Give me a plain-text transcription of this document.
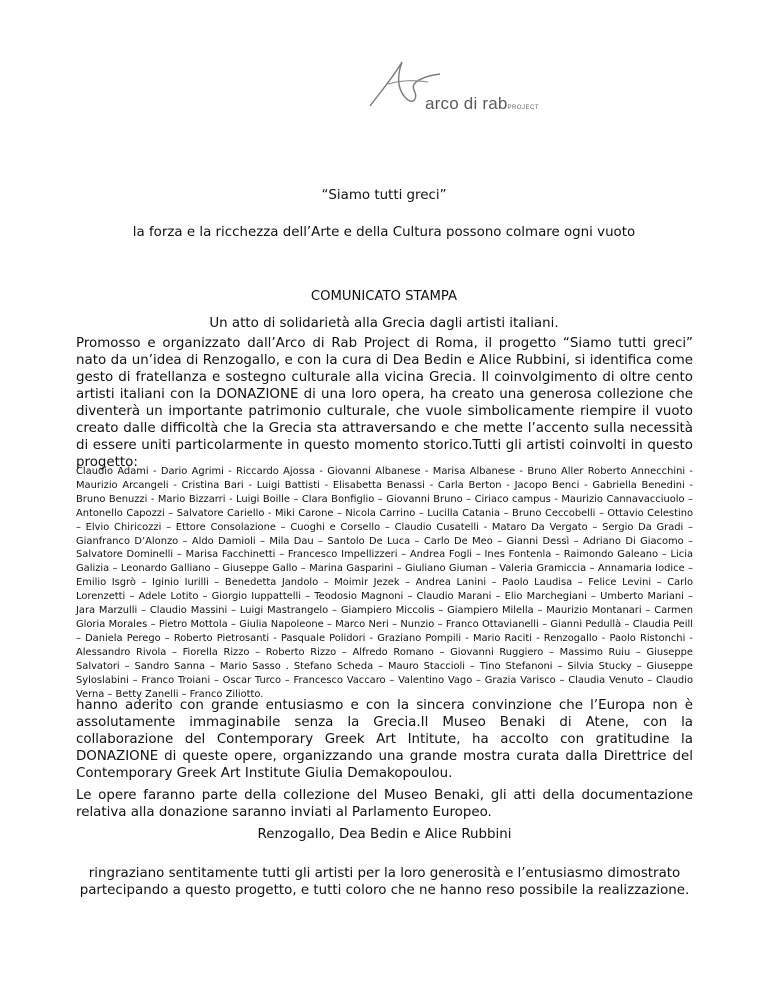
arco di rabPROJECT

“Siamo tutti greci”

la forza e la ricchezza dell’Arte e della Cultura possono colmare ogni vuoto

COMUNICATO STAMPA

Un atto di solidarietà alla Grecia dagli artisti italiani.

Promosso e organizzato dall’Arco di Rab Project di Roma, il progetto “Siamo tutti greci” nato da un’idea di Renzogallo, e con la cura di Dea Bedin e Alice Rubbini, si identifica come gesto di fratellanza e sostegno culturale alla vicina Grecia. Il coinvolgimento di oltre cento artisti italiani con la DONAZIONE di una loro opera, ha creato una generosa collezione che diventerà un importante patrimonio culturale, che vuole simbolicamente riempire il vuoto creato dalle difficoltà che la Grecia sta attraversando e che mette l’accento sulla necessità di essere uniti particolarmente in questo momento storico.Tutti gli artisti coinvolti in questo progetto:

Claudio Adami - Dario Agrimi - Riccardo Ajossa - Giovanni Albanese - Marisa Albanese - Bruno Aller Roberto Annecchini - Maurizio Arcangeli - Cristina Bari - Luigi Battisti - Elisabetta Benassi - Carla Berton - Jacopo Benci - Gabriella Benedini - Bruno Benuzzi - Mario Bizzarri - Luigi Boille – Clara Bonfiglio – Giovanni Bruno – Ciriaco campus - Maurizio Cannavacciuolo – Antonello Capozzi – Salvatore Cariello - Miki Carone – Nicola Carrino – Lucilla Catania – Bruno Ceccobelli – Ottavio Celestino – Elvio Chiricozzi – Ettore Consolazione – Cuoghi e Corsello – Claudio Cusatelli - Mataro Da Vergato – Sergio Da Gradi – Gianfranco D’Alonzo – Aldo Damioli – Mila Dau – Santolo De Luca – Carlo De Meo – Gianni Dessì – Adriano Di Giacomo – Salvatore Dominelli – Marisa Facchinetti – Francesco Impellizzeri – Andrea Fogli – Ines Fontenla – Raimondo Galeano – Licia Galizia – Leonardo Galliano – Giuseppe Gallo – Marina Gasparini – Giuliano Giuman – Valeria Gramiccia – Annamaria Iodice – Emilio Isgrò – Iginio Iurilli – Benedetta Jandolo – Moimir Jezek – Andrea Lanini – Paolo Laudisa – Felice Levini – Carlo Lorenzetti – Adele Lotito – Giorgio Iuppattelli – Teodosio Magnoni – Claudio Marani – Elio Marchegiani – Umberto Mariani – Jara Marzulli – Claudio Massini – Luigi Mastrangelo – Giampiero Miccolis – Giampiero Milella – Maurizio Montanari – Carmen Gloria Morales – Pietro Mottola – Giulia Napoleone – Marco Neri – Nunzio – Franco Ottavianelli – Gianni Pedullà – Claudia Peill – Daniela Perego – Roberto Pietrosanti - Pasquale Polidori - Graziano Pompili - Mario Raciti - Renzogallo - Paolo Ristonchi - Alessandro Rivola – Fiorella Rizzo – Roberto Rizzo – Alfredo Romano – Giovanni Ruggiero – Massimo Ruiu – Giuseppe Salvatori – Sandro Sanna – Mario Sasso . Stefano Scheda – Mauro Staccioli – Tino Stefanoni – Silvia Stucky – Giuseppe Syloslabini – Franco Troiani – Oscar Turco – Francesco Vaccaro – Valentino Vago – Grazia Varisco – Claudia Venuto – Claudio Verna – Betty Zanelli – Franco Ziliotto.

hanno aderito con grande entusiasmo e con la sincera convinzione che l’Europa non è assolutamente immaginabile senza la Grecia.Il Museo Benaki di Atene, con la collaborazione del Contemporary Greek Art Intitute, ha accolto con gratitudine la DONAZIONE di queste opere, organizzando una grande mostra curata dalla Direttrice del Contemporary Greek Art Institute Giulia Demakopoulou.

Le opere faranno parte della collezione del Museo Benaki, gli atti della documentazione relativa alla donazione saranno inviati al Parlamento Europeo.

Renzogallo, Dea Bedin e Alice Rubbini

ringraziano sentitamente tutti gli artisti per la loro generosità e l’entusiasmo dimostrato partecipando a questo progetto, e tutti coloro che ne hanno reso possibile la realizzazione.
